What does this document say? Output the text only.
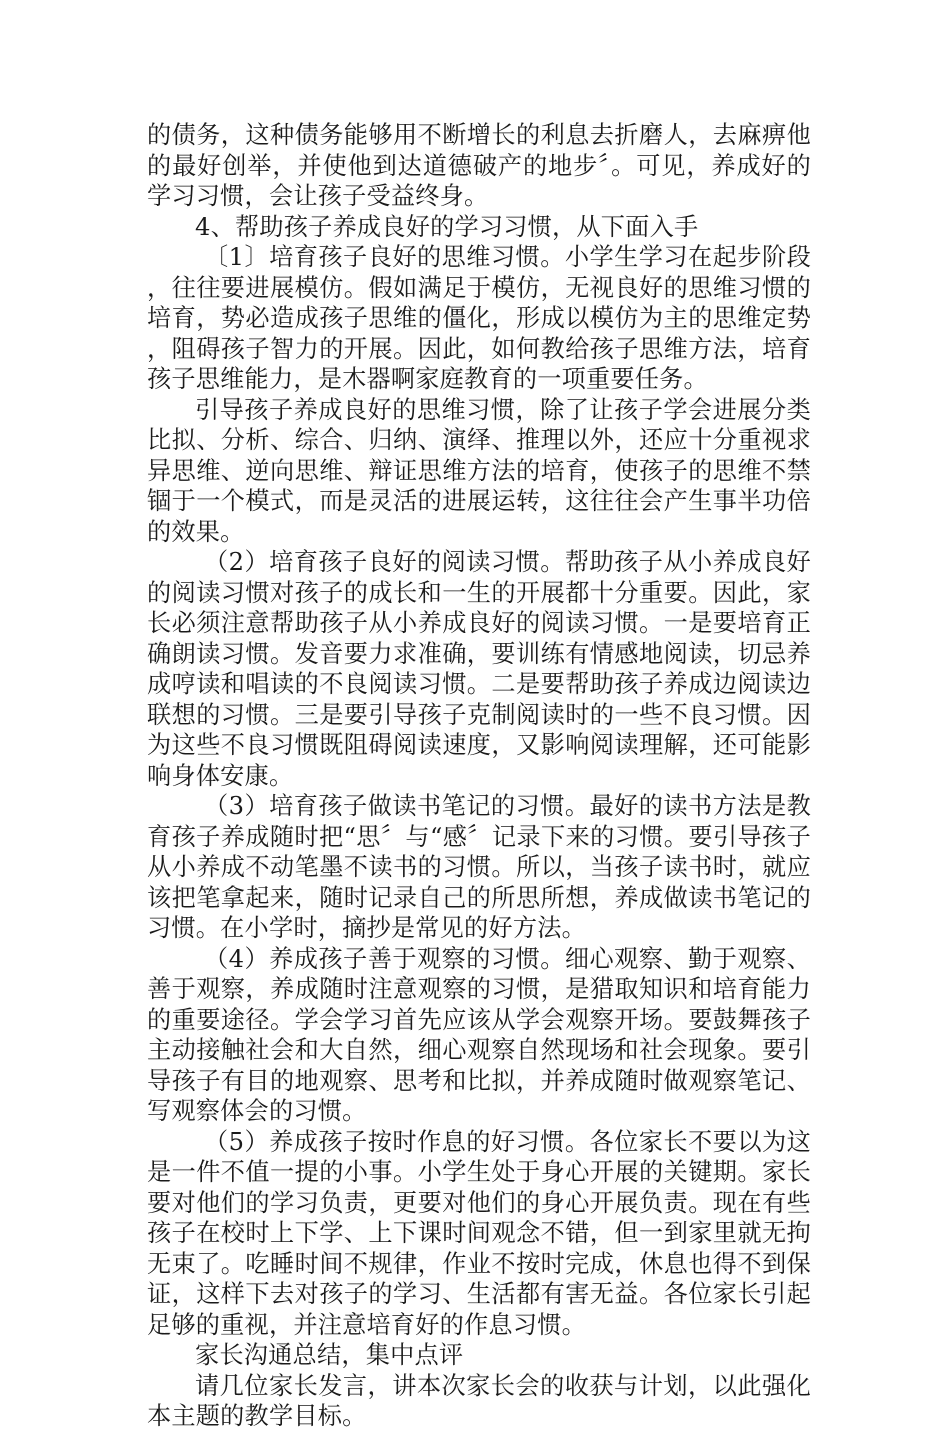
的债务，这种债务能够用不断增长的利息去折磨人，去麻痹他的最好创举，并使他到达道德破产的地步〞。可见，养成好的学习习惯，会让孩子受益终身。

4、帮助孩子养成良好的学习习惯，从下面入手

〔1〕培育孩子良好的思维习惯。小学生学习在起步阶段，往往要进展模仿。假如满足于模仿，无视良好的思维习惯的培育，势必造成孩子思维的僵化，形成以模仿为主的思维定势，阻碍孩子智力的开展。因此，如何教给孩子思维方法，培育孩子思维能力，是木器啊家庭教育的一项重要任务。

引导孩子养成良好的思维习惯，除了让孩子学会进展分类比拟、分析、综合、归纳、演绎、推理以外，还应十分重视求异思维、逆向思维、辩证思维方法的培育，使孩子的思维不禁锢于一个模式，而是灵活的进展运转，这往往会产生事半功倍的效果。

（2）培育孩子良好的阅读习惯。帮助孩子从小养成良好的阅读习惯对孩子的成长和一生的开展都十分重要。因此，家长必须注意帮助孩子从小养成良好的阅读习惯。一是要培育正确朗读习惯。发音要力求准确，要训练有情感地阅读，切忌养成哼读和唱读的不良阅读习惯。二是要帮助孩子养成边阅读边联想的习惯。三是要引导孩子克制阅读时的一些不良习惯。因为这些不良习惯既阻碍阅读速度，又影响阅读理解，还可能影响身体安康。

（3）培育孩子做读书笔记的习惯。最好的读书方法是教育孩子养成随时把“思〞与“感〞记录下来的习惯。要引导孩子从小养成不动笔墨不读书的习惯。所以，当孩子读书时，就应该把笔拿起来，随时记录自己的所思所想，养成做读书笔记的习惯。在小学时，摘抄是常见的好方法。

（4）养成孩子善于观察的习惯。细心观察、勤于观察、善于观察，养成随时注意观察的习惯，是猎取知识和培育能力的重要途径。学会学习首先应该从学会观察开场。要鼓舞孩子主动接触社会和大自然，细心观察自然现场和社会现象。要引导孩子有目的地观察、思考和比拟，并养成随时做观察笔记、写观察体会的习惯。

（5）养成孩子按时作息的好习惯。各位家长不要以为这是一件不值一提的小事。小学生处于身心开展的关键期。家长要对他们的学习负责，更要对他们的身心开展负责。现在有些孩子在校时上下学、上下课时间观念不错，但一到家里就无拘无束了。吃睡时间不规律，作业不按时完成，休息也得不到保证，这样下去对孩子的学习、生活都有害无益。各位家长引起足够的重视，并注意培育好的作息习惯。

家长沟通总结，集中点评

请几位家长发言，讲本次家长会的收获与计划，以此强化本主题的教学目标。
